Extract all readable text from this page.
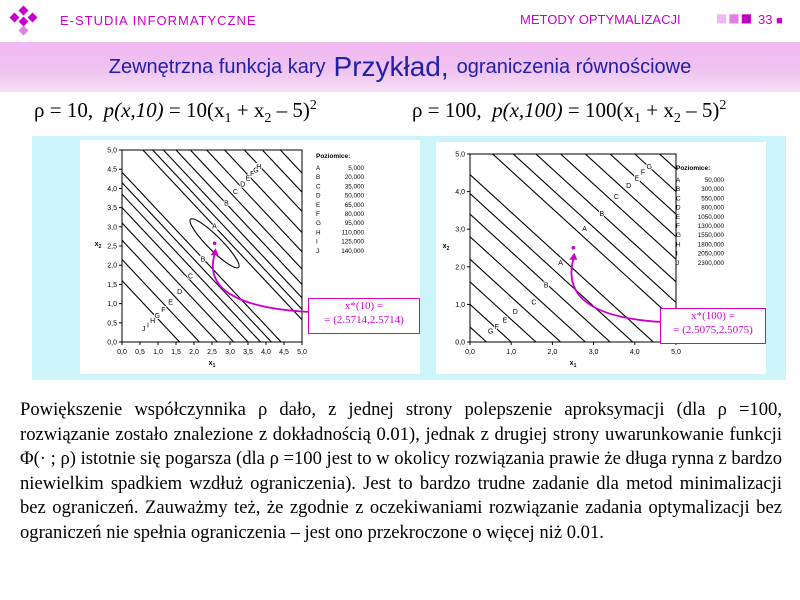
E-STUDIA INFORMATYCZNE	METODY OPTYMALIZACJI	■■■ 33 ■
Zewnętrzna funkcja kary Przykład, ograniczenia równościowe
ρ = 10, $p(x,10) = 10(x_1 + x_2 - 5)^2$	ρ = 100, $p(x,100) = 100(x_1 + x_2 - 5)^2$
0,0 0,5 1,0 1,5 2,0 2,5 3,0 3,5 4,0 4,5 5,0
0,0
0,5
1,0
1,5
2,0
2,5
3,0
3,5
4,0
4,5
5,0
$x_1$
$x_2$
A
B
C
D
E
F
G
H
I
J
B
C
D
E
F
G
H
Poziomice:
A	5,000
B	20,000
C	35,000
D	50,000
E	65,000
F	80,000
G	95,000
H	110,000
I	125,000
J	140,000
x*(10) =
= (2.5714,2.5714)
0,0	1,0	2,0	3,0	4,0	5,0
0,0
1,0
2,0
3,0
4,0
5,0
$x_1$
$x_2$
A
A
B
C
D
E
F
G
B
C
D
E
F
G	Poziomice:
A	50,000
B	300,000
C	550,000
D	800,000
E	1050,000
F	1300,000
G	1550,000
H	1800,000
I	2050,000
J	2300,000
x*(100) =
= (2.5075,2.5075)

Powiększenie współczynnika ρ dało, z jednej strony polepszenie aproksymacji (dla ρ =100, rozwiązanie zostało znalezione z dokładnością 0.01), jednak z drugiej strony uwarunkowanie funkcji Φ(· ; ρ) istotnie się pogarsza (dla ρ =100 jest to w okolicy rozwiązania prawie że długa rynna z bardzo niewielkim spadkiem wzdłuż ograniczenia). Jest to bardzo trudne zadanie dla metod minimalizacji bez ograniczeń. Zauważmy też, że zgodnie z oczekiwaniami rozwiązanie zadania optymalizacji bez ograniczeń nie spełnia ograniczenia – jest ono przekroczone o więcej niż 0.01.
